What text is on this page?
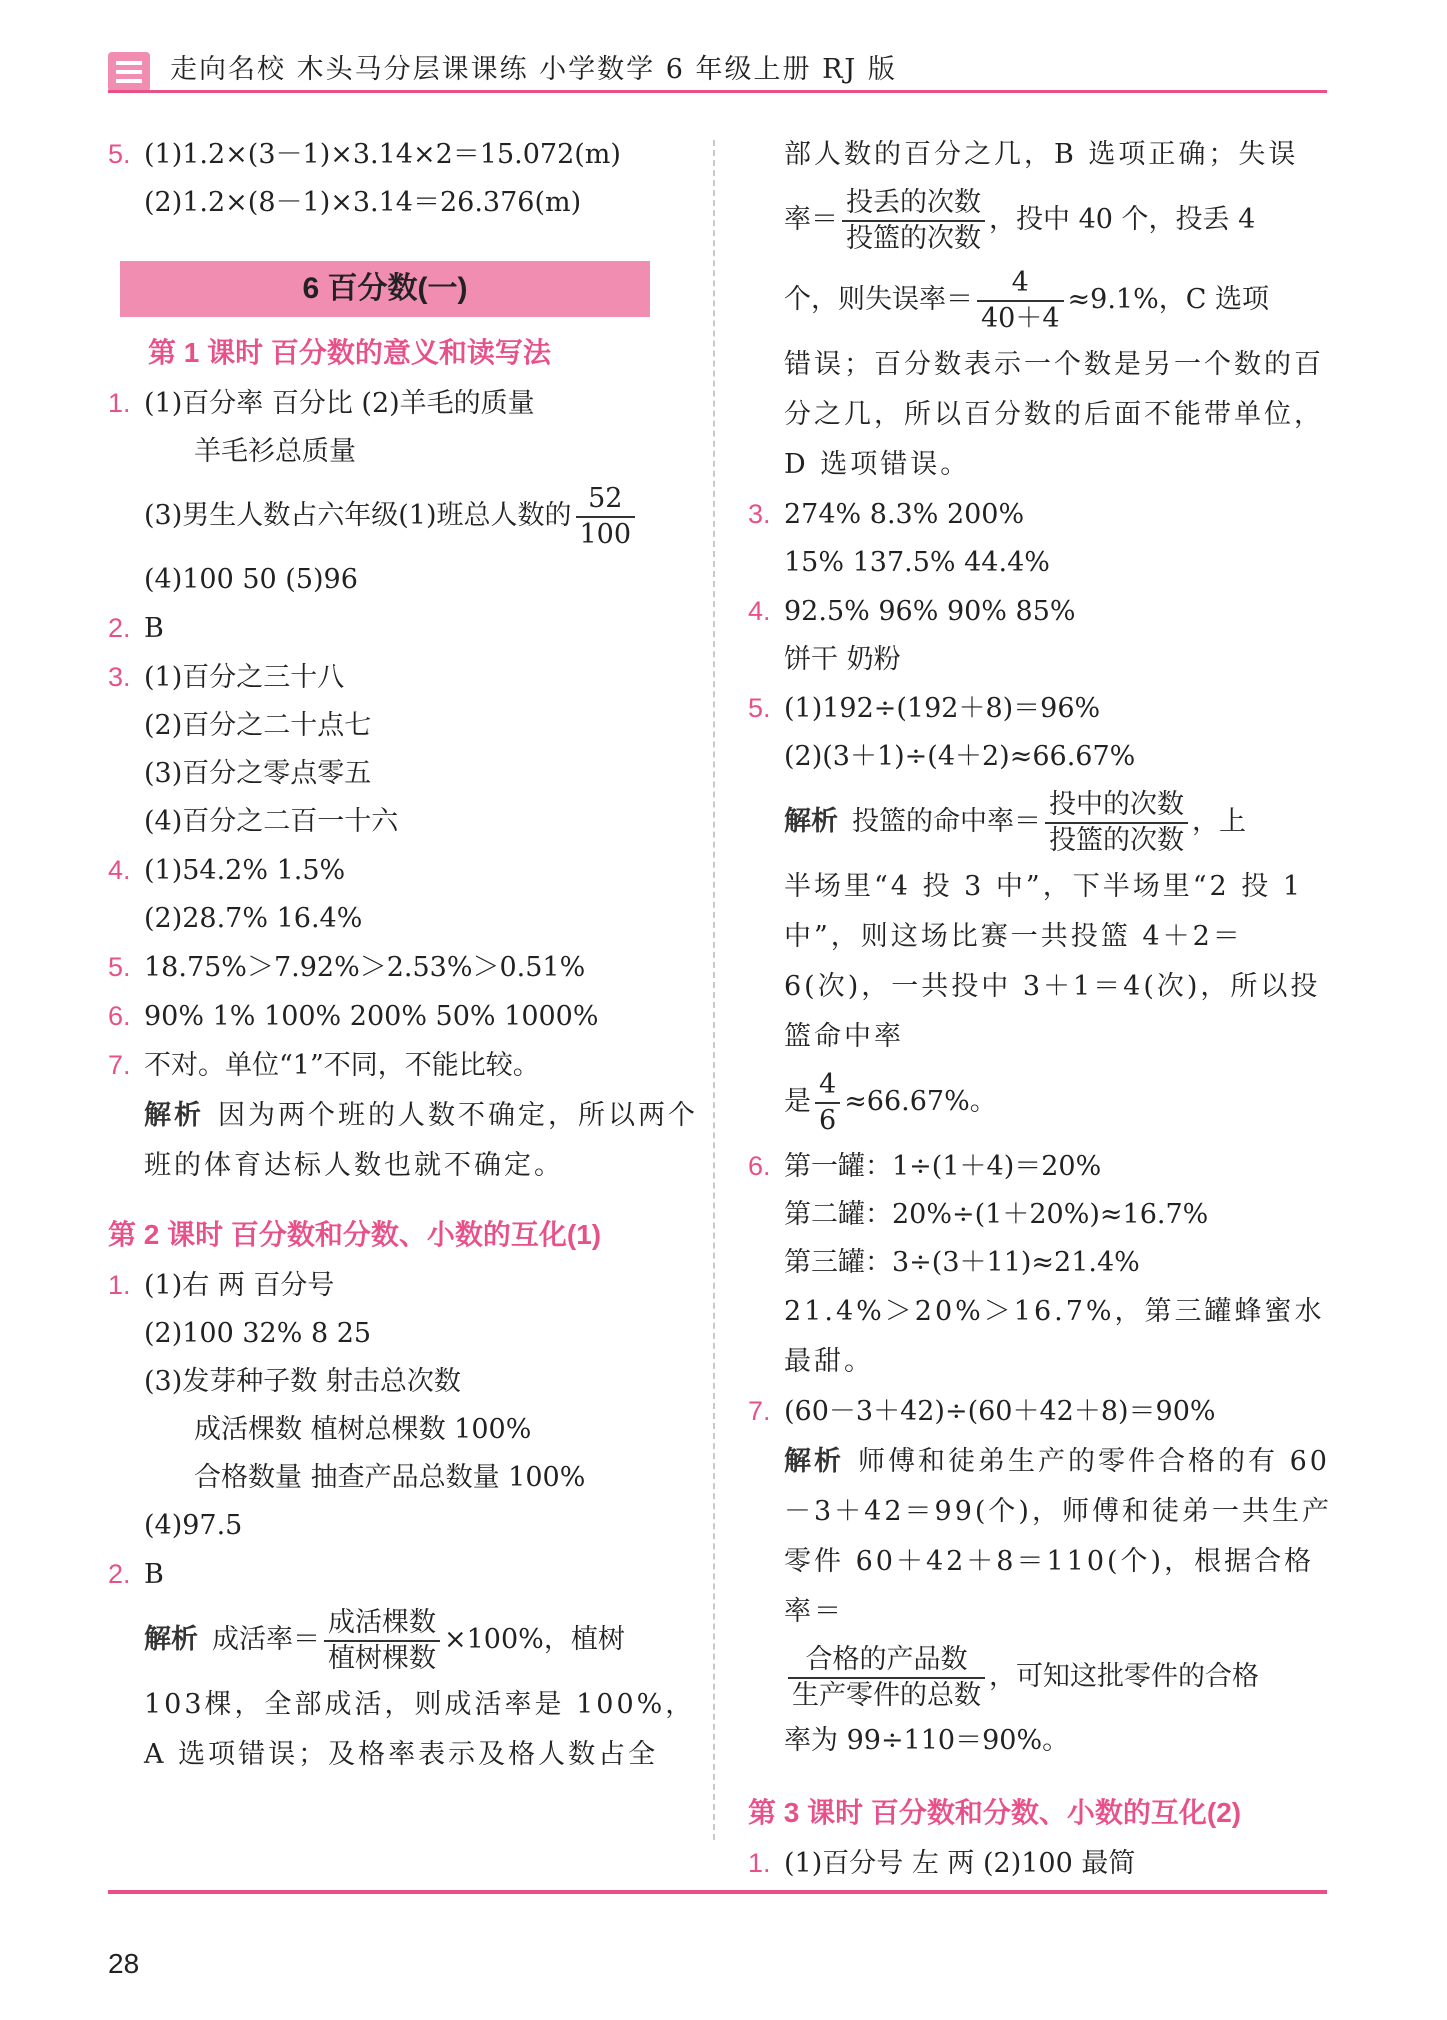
走向名校 木头马分层课课练 小学数学 6 年级上册 RJ 版
5. (1)1.2×(3－1)×3.14×2＝15.072(m)
(2)1.2×(8－1)×3.14＝26.376(m)
6 百分数(一)
第 1 课时 百分数的意义和读写法
1. (1)百分率 百分比 (2)羊毛的质量
羊毛衫总质量
(3)男生人数占六年级(1)班总人数的 $\frac{52}{100}$
(4)100 50 (5)96
2. B
3. (1)百分之三十八
(2)百分之二十点七
(3)百分之零点零五
(4)百分之二百一十六
4. (1)54.2% 1.5%
(2)28.7% 16.4%
5. 18.75%＞7.92%＞2.53%＞0.51%
6. 90% 1% 100% 200% 50% 1000%
7. 不对。单位“1”不同，不能比较。
解析 因为两个班的人数不确定，所以两个班的体育达标人数也就不确定。
第 2 课时 百分数和分数、小数的互化(1)
1. (1)右 两 百分号
(2)100 32% 8 25
(3)发芽种子数 射击总次数
成活棵数 植树总棵数 100%
合格数量 抽查产品总数量 100%
(4)97.5
2. B
解析 成活率＝ $\frac{\text{成活棵数}}{\text{植树棵数}} \times 100\%$，植树
103棵，全部成活，则成活率是 100%，A 选项错误；及格率表示及格人数占全
部人数的百分之几，B 选项正确；失误
率＝ $\frac{\text{投丢的次数}}{\text{投篮的次数}}$ ，投中 40 个，投丢 4
个，则失误率＝ $\frac{4}{40+4} \approx 9.1\%$，C 选项
错误；百分数表示一个数是另一个数的百分之几，所以百分数的后面不能带单位，D 选项错误。
3. 274% 8.3% 200%
15% 137.5% 44.4%
4. 92.5% 96% 90% 85%
饼干 奶粉
5. (1)192÷(192＋8)＝96%
(2)(3＋1)÷(4＋2)≈66.67%
解析 投篮的命中率＝ $\frac{\text{投中的次数}}{\text{投篮的次数}}$ ，上
半场里“4 投 3 中”，下半场里“2 投 1 中”，则这场比赛一共投篮 4＋2＝6(次)，一共投中 3＋1＝4(次)，所以投篮命中率
是 $\frac{4}{6} \approx 66.67\%$。
6. 第一罐：1÷(1＋4)＝20%
第二罐：20%÷(1＋20%)≈16.7%
第三罐：3÷(3＋11)≈21.4%
21.4%＞20%＞16.7%，第三罐蜂蜜水最甜。
7. (60－3＋42)÷(60＋42＋8)＝90%
解析 师傅和徒弟生产的零件合格的有 60－3＋42＝99(个)，师傅和徒弟一共生产零件 60＋42＋8＝110(个)，根据合格率＝
$\frac{\text{合格的产品数}}{\text{生产零件的总数}}$ ，可知这批零件的合格
率为 99÷110＝90%。
第 3 课时 百分数和分数、小数的互化(2)
1. (1)百分号 左 两 (2)100 最简
28
